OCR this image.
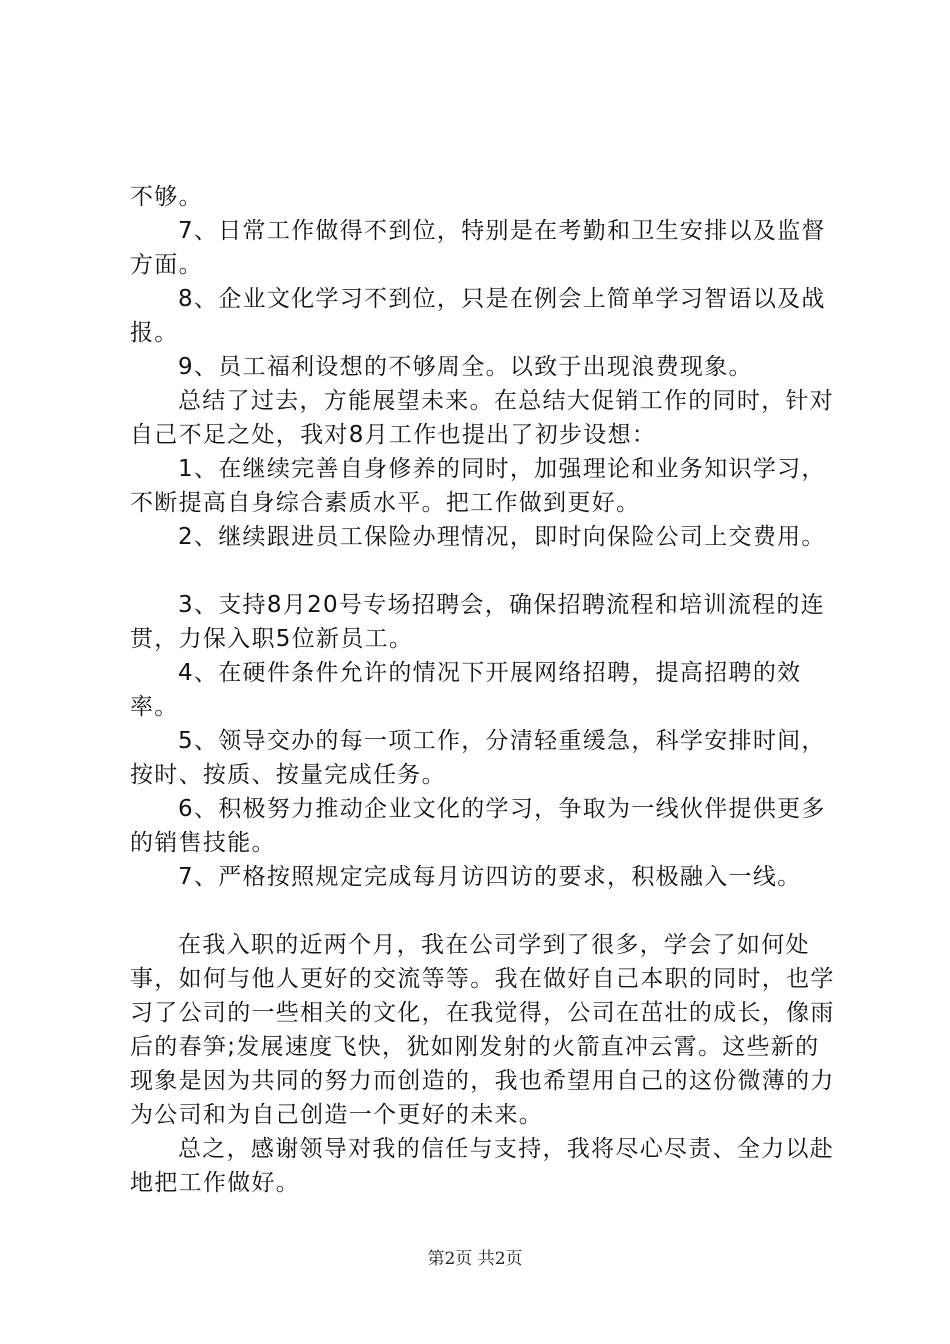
不够。

7、日常工作做得不到位，特别是在考勤和卫生安排以及监督方面。

8、企业文化学习不到位，只是在例会上简单学习智语以及战报。

9、员工福利设想的不够周全。以致于出现浪费现象。

总结了过去，方能展望未来。在总结大促销工作的同时，针对自己不足之处，我对8月工作也提出了初步设想：

1、在继续完善自身修养的同时，加强理论和业务知识学习，不断提高自身综合素质水平。把工作做到更好。

2、继续跟进员工保险办理情况，即时向保险公司上交费用。

3、支持8月20号专场招聘会，确保招聘流程和培训流程的连贯，力保入职5位新员工。

4、在硬件条件允许的情况下开展网络招聘，提高招聘的效率。

5、领导交办的每一项工作，分清轻重缓急，科学安排时间，按时、按质、按量完成任务。

6、积极努力推动企业文化的学习，争取为一线伙伴提供更多的销售技能。

7、严格按照规定完成每月访四访的要求，积极融入一线。

在我入职的近两个月，我在公司学到了很多，学会了如何处事，如何与他人更好的交流等等。我在做好自己本职的同时，也学习了公司的一些相关的文化，在我觉得，公司在茁壮的成长，像雨后的春笋;发展速度飞快，犹如刚发射的火箭直冲云霄。这些新的现象是因为共同的努力而创造的，我也希望用自己的这份微薄的力为公司和为自己创造一个更好的未来。

总之，感谢领导对我的信任与支持，我将尽心尽责、全力以赴地把工作做好。

第2页 共2页
